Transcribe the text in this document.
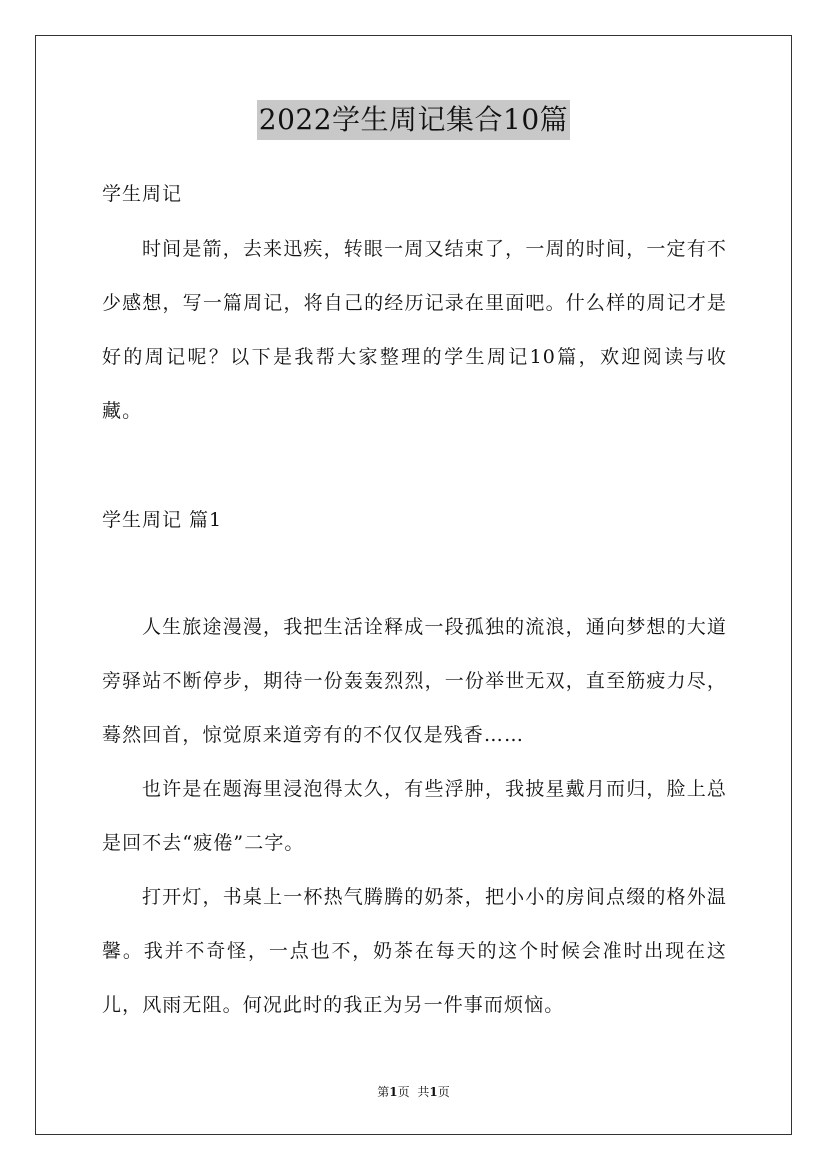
2022学生周记集合10篇
学生周记
时间是箭，去来迅疾，转眼一周又结束了，一周的时间，一定有不少感想，写一篇周记，将自己的经历记录在里面吧。什么样的周记才是好的周记呢？以下是我帮大家整理的学生周记10篇，欢迎阅读与收藏。
学生周记 篇1
人生旅途漫漫，我把生活诠释成一段孤独的流浪，通向梦想的大道旁驿站不断停步，期待一份轰轰烈烈，一份举世无双，直至筋疲力尽，蓦然回首，惊觉原来道旁有的不仅仅是残香……
也许是在题海里浸泡得太久，有些浮肿，我披星戴月而归，脸上总是回不去“疲倦”二字。
打开灯，书桌上一杯热气腾腾的奶茶，把小小的房间点缀的格外温馨。我并不奇怪，一点也不，奶茶在每天的这个时候会准时出现在这儿，风雨无阻。何况此时的我正为另一件事而烦恼。
第1页 共1页
